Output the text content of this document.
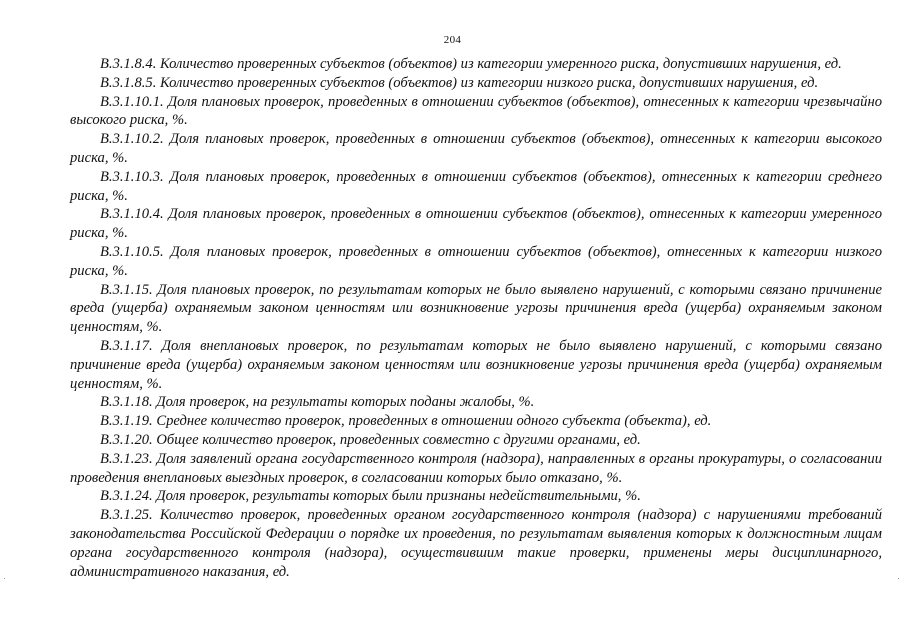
204

В.3.1.8.4. Количество проверенных субъектов (объектов) из категории умеренного риска, допустивших нарушения, ед.

В.3.1.8.5. Количество проверенных субъектов (объектов) из категории низкого риска, допустивших нарушения, ед.

В.3.1.10.1. Доля плановых проверок, проведенных в отношении субъектов (объектов), отнесенных к категории чрезвычайно высокого риска, %.

В.3.1.10.2. Доля плановых проверок, проведенных в отношении субъектов (объектов), отнесенных к категории высокого риска, %.

В.3.1.10.3. Доля плановых проверок, проведенных в отношении субъектов (объектов), отнесенных к категории среднего риска, %.

В.3.1.10.4. Доля плановых проверок, проведенных в отношении субъектов (объектов), отнесенных к категории умеренного риска, %.

В.3.1.10.5. Доля плановых проверок, проведенных в отношении субъектов (объектов), отнесенных к категории низкого риска, %.

В.3.1.15. Доля плановых проверок, по результатам которых не было выявлено нарушений, с которыми связано причинение вреда (ущерба) охраняемым законом ценностям или возникновение угрозы причинения вреда (ущерба) охраняемым законом ценностям, %.

В.3.1.17. Доля внеплановых проверок, по результатам которых не было выявлено нарушений, с которыми связано причинение вреда (ущерба) охраняемым законом ценностям или возникновение угрозы причинения вреда (ущерба) охраняемым ценностям, %.

В.3.1.18. Доля проверок, на результаты которых поданы жалобы, %.

В.3.1.19. Среднее количество проверок, проведенных в отношении одного субъекта (объекта), ед.

В.3.1.20. Общее количество проверок, проведенных совместно с другими органами, ед.

В.3.1.23. Доля заявлений органа государственного контроля (надзора), направленных в органы прокуратуры, о согласовании проведения внеплановых выездных проверок, в согласовании которых было отказано, %.

В.3.1.24. Доля проверок, результаты которых были признаны недействительными, %.

В.3.1.25. Количество проверок, проведенных органом государственного контроля (надзора) с нарушениями требований законодательства Российской Федерации о порядке их проведения, по результатам выявления которых к должностным лицам органа государственного контроля (надзора), осуществившим такие проверки, применены меры дисциплинарного, административного наказания, ед.
